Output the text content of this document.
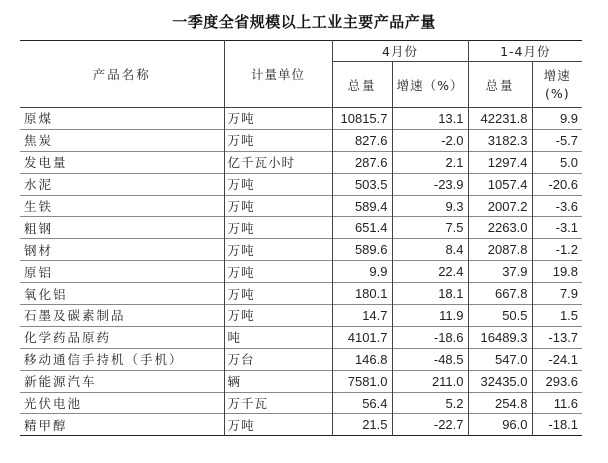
一季度全省规模以上工业主要产品产量
产品名称	计量单位	4月份		1-4月份	
		总量	增速（%）	总量	增速
(%)

原煤	万吨	10815.7	13.1	42231.8	9.9
焦炭	万吨	827.6	-2.0	3182.3	-5.7
发电量	亿千瓦小时	287.6	2.1	1297.4	5.0
水泥	万吨	503.5	-23.9	1057.4	-20.6
生铁	万吨	589.4	9.3	2007.2	-3.6
粗钢	万吨	651.4	7.5	2263.0	-3.1
钢材	万吨	589.6	8.4	2087.8	-1.2
原铝	万吨	9.9	22.4	37.9	19.8
氧化铝	万吨	180.1	18.1	667.8	7.9
石墨及碳素制品	万吨	14.7	11.9	50.5	1.5
化学药品原药	吨	4101.7	-18.6	16489.3	-13.7
移动通信手持机（手机）	万台	146.8	-48.5	547.0	-24.1
新能源汽车	辆	7581.0	211.0	32435.0	293.6
光伏电池	万千瓦	56.4	5.2	254.8	11.6
精甲醇	万吨	21.5	-22.7	96.0	-18.1
